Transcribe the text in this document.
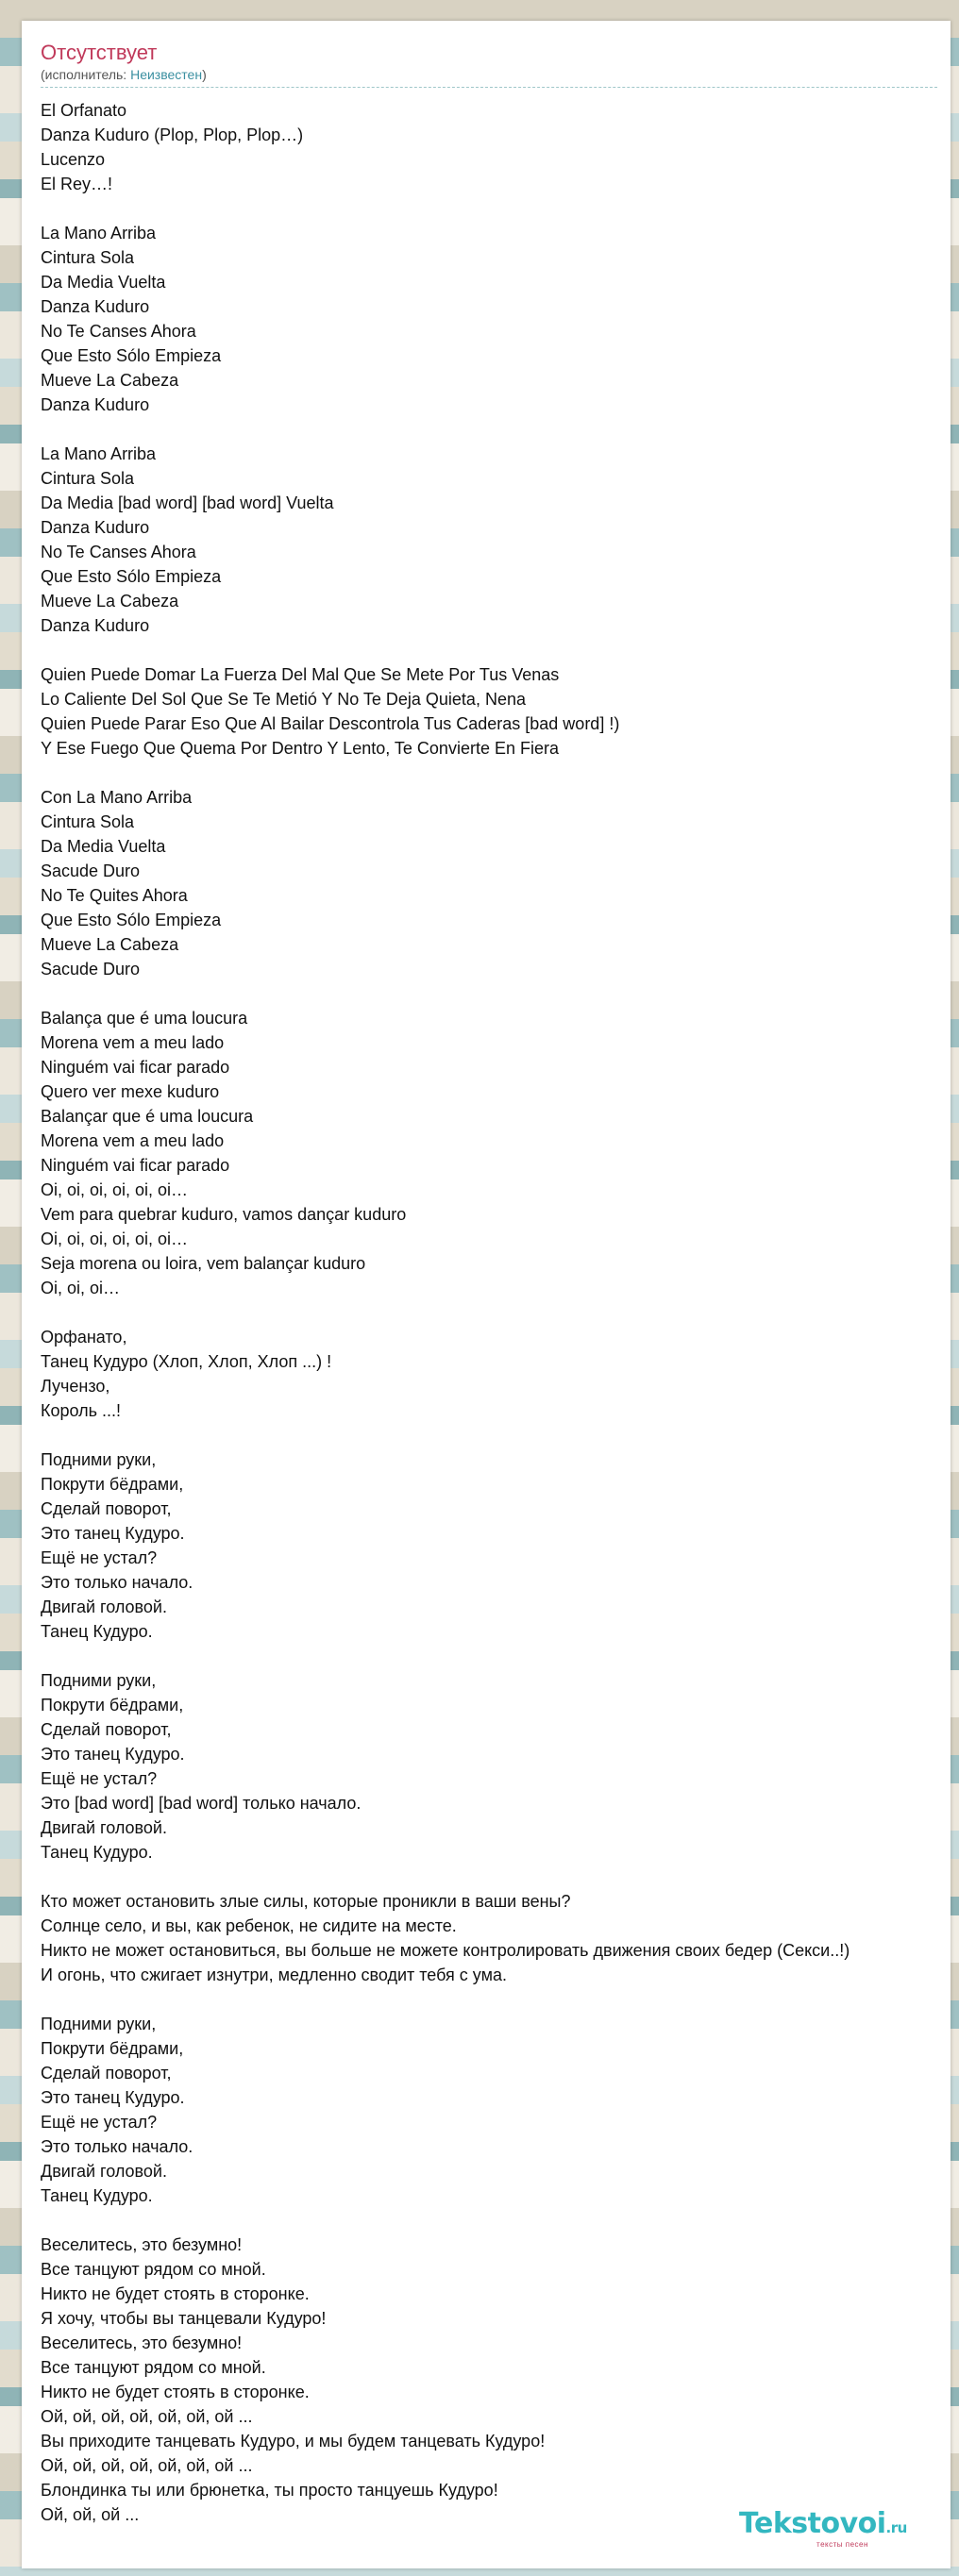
Отсутствует
(исполнитель: Неизвестен)
El Orfanato
Danza Kuduro (Plop, Plop, Plop…)
Lucenzo
El Rey…!
La Mano Arriba
Cintura Sola
Da Media Vuelta
Danza Kuduro
No Te Canses Ahora
Que Esto Sólo Empieza
Mueve La Cabeza
Danza Kuduro
La Mano Arriba
Cintura Sola
Da Media [bad word] [bad word] Vuelta
Danza Kuduro
No Te Canses Ahora
Que Esto Sólo Empieza
Mueve La Cabeza
Danza Kuduro
Quien Puede Domar La Fuerza Del Mal Que Se Mete Por Tus Venas
Lo Caliente Del Sol Que Se Te Metió Y No Te Deja Quieta, Nena
Quien Puede Parar Eso Que Al Bailar Descontrola Tus Caderas [bad word] !)
Y Ese Fuego Que Quema Por Dentro Y Lento, Te Convierte En Fiera
Con La Mano Arriba
Cintura Sola
Da Media Vuelta
Sacude Duro
No Te Quites Ahora
Que Esto Sólo Empieza
Mueve La Cabeza
Sacude Duro
Balança que é uma loucura
Morena vem a meu lado
Ninguém vai ficar parado
Quero ver mexe kuduro
Balançar que é uma loucura
Morena vem a meu lado
Ninguém vai ficar parado
Oi, oi, oi, oi, oi, oi…
Vem para quebrar kuduro, vamos dançar kuduro
Oi, oi, oi, oi, oi, oi…
Seja morena ou loira, vem balançar kuduro
Oi, oi, oi…
Орфанато,
Танец Кудуро (Хлоп, Хлоп, Хлоп ...) !
Лучензо,
Король ...!
Подними руки,
Покрути бёдрами,
Сделай поворот,
Это танец Кудуро.
Ещё не устал?
Это только начало.
Двигай головой.
Танец Кудуро.
Подними руки,
Покрути бёдрами,
Сделай поворот,
Это танец Кудуро.
Ещё не устал?
Это [bad word] [bad word] только начало.
Двигай головой.
Танец Кудуро.
Кто может остановить злые силы, которые проникли в ваши вены?
Солнце село, и вы, как ребенок, не сидите на месте.
Никто не может остановиться, вы больше не можете контролировать движения своих бедер (Секси..!)
И огонь, что сжигает изнутри, медленно сводит тебя с ума.
Подними руки,
Покрути бёдрами,
Сделай поворот,
Это танец Кудуро.
Ещё не устал?
Это только начало.
Двигай головой.
Танец Кудуро.
Веселитесь, это безумно!
Все танцуют рядом со мной.
Никто не будет стоять в сторонке.
Я хочу, чтобы вы танцевали Кудуро!
Веселитесь, это безумно!
Все танцуют рядом со мной.
Никто не будет стоять в сторонке.
Ой, ой, ой, ой, ой, ой, ой ...
Вы приходите танцевать Кудуро, и мы будем танцевать Кудуро!
Ой, ой, ой, ой, ой, ой, ой ...
Блондинка ты или брюнетка, ты просто танцуешь Кудуро!
Ой, ой, ой ...	Tekstovoi.ru
тексты песен
